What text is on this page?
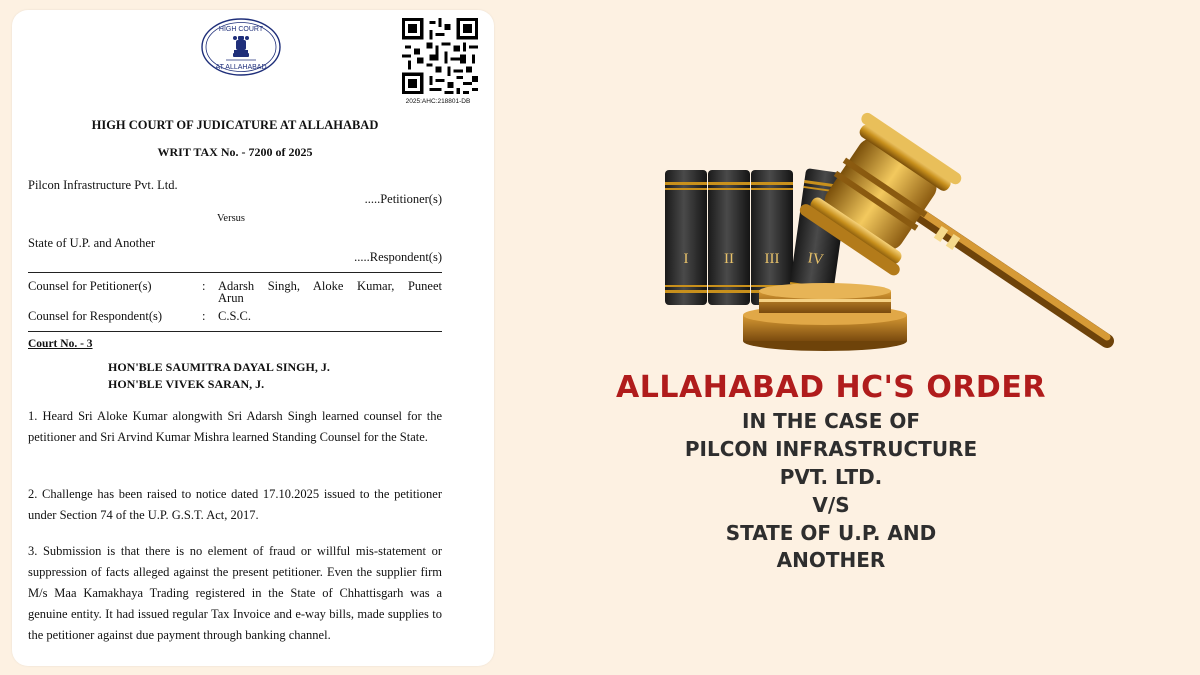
HIGH COURT
AT ALLAHABAD
2025:AHC:218801-DB
HIGH COURT OF JUDICATURE AT ALLAHABAD
WRIT TAX No. - 7200 of 2025
Pilcon Infrastructure Pvt. Ltd.
.....Petitioner(s)
Versus
State of U.P. and Another
.....Respondent(s)
Counsel for Petitioner(s)	: Adarsh Singh, Aloke Kumar, Puneet
Arun
Counsel for Respondent(s)	: C.S.C.
Court No. - 3
HON'BLE SAUMITRA DAYAL SINGH, J.
HON'BLE VIVEK SARAN, J.
1. Heard Sri Aloke Kumar alongwith Sri Adarsh Singh learned counsel for the petitioner and Sri Arvind Kumar Mishra learned Standing Counsel for the State.
2. Challenge has been raised to notice dated 17.10.2025 issued to the petitioner under Section 74 of the U.P. G.S.T. Act, 2017.
3. Submission is that there is no element of fraud or willful mis-statement or suppression of facts alleged against the present petitioner. Even the supplier firm M/s Maa Kamakhaya Trading registered in the State of Chhattisgarh was a genuine entity. It had issued regular Tax Invoice and e-way bills, made supplies to the petitioner against due payment through banking channel.
I II III IV
ALLAHABAD HC'S ORDER
IN THE CASE OF
PILCON INFRASTRUCTURE
PVT. LTD.
V/S
STATE OF U.P. AND
ANOTHER
